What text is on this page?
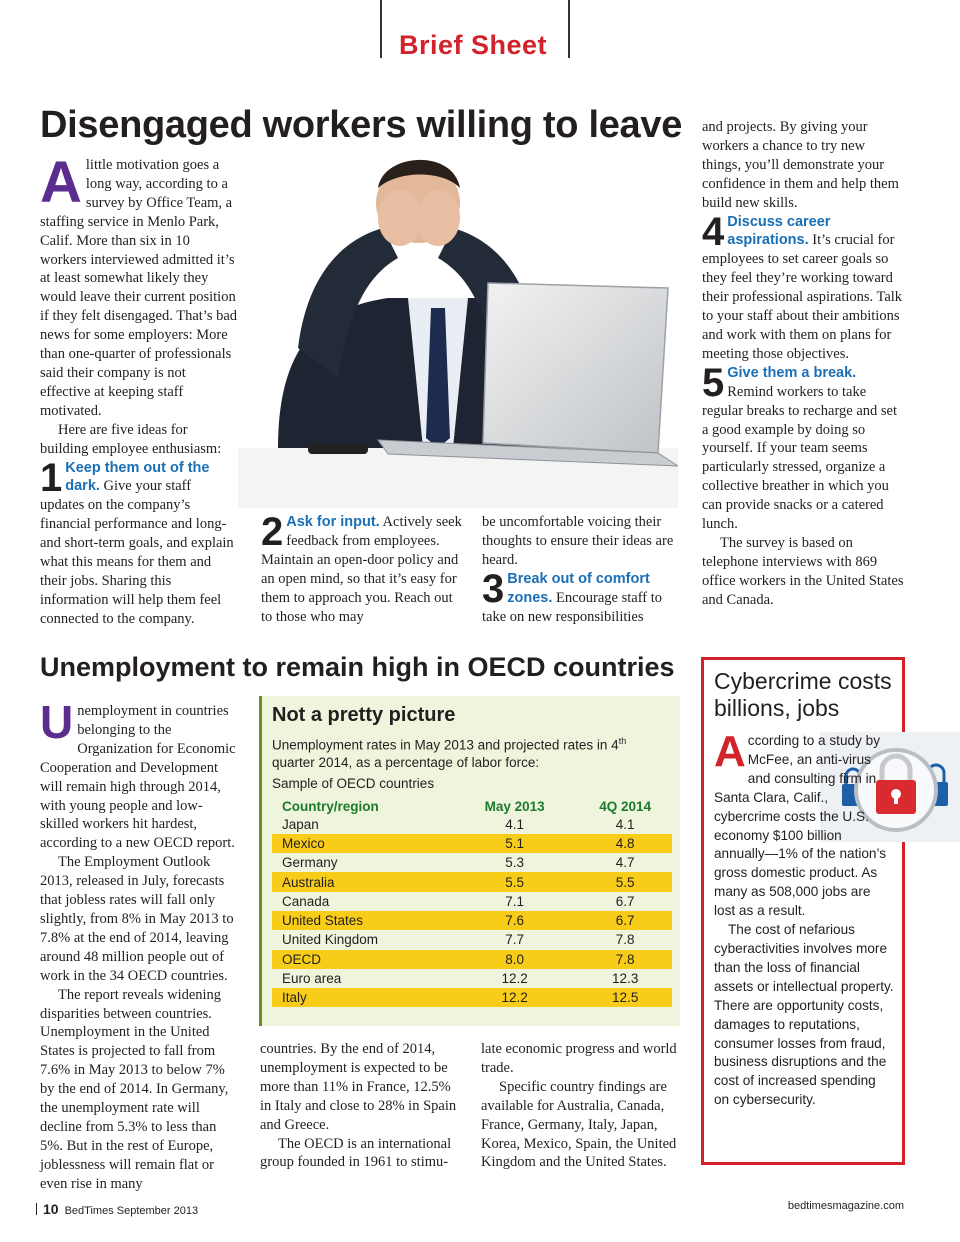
Brief Sheet
Disengaged workers willing to leave

Alittle motivation goes a long way, according to a survey by Office Team, a staffing service in Menlo Park, Calif. More than six in 10 workers interviewed admitted it’s at least somewhat likely they would leave their current position if they felt disengaged. That’s bad news for some employers: More than one-quarter of professionals said their company is not effective at keeping staff motivated.

Here are five ideas for building employee enthusiasm:

1 Keep them out of the dark. Give your staff updates on the company’s financial performance and long- and short-term goals, and explain what this means for them and their jobs. Sharing this information will help them feel connected to the company.

2 Ask for input. Actively seek feedback from employees. Maintain an open-door policy and an open mind, so that it’s easy for them to approach you. Reach out to those who may

be uncomfortable voicing their thoughts to ensure their ideas are heard.

3 Break out of comfort zones. Encourage staff to take on new responsibilities

and projects. By giving your workers a chance to try new things, you’ll demonstrate your confidence in them and help them build new skills.

4 Discuss career aspirations. It’s crucial for employees to set career goals so they feel they’re working toward their professional aspirations. Talk to your staff about their ambitions and work with them on plans for meeting those objectives.

5 Give them a break. Remind workers to take regular breaks to recharge and set a good example by doing so yourself. If your team seems particularly stressed, organize a collective breather in which you can provide snacks or a catered lunch.

The survey is based on telephone interviews with 869 office workers in the United States and Canada.

Unemployment to remain high in OECD countries

Unemployment in countries belonging to the Organization for Economic Cooperation and Development will remain high through 2014, with young people and low-skilled workers hit hardest, according to a new OECD report.

The Employment Outlook 2013, released in July, forecasts that jobless rates will fall only slightly, from 8% in May 2013 to 7.8% at the end of 2014, leaving around 48 million people out of work in the 34 OECD countries.

The report reveals widening disparities between countries. Unemployment in the United States is projected to fall from 7.6% in May 2013 to below 7% by the end of 2014. In Germany, the unemployment rate will decline from 5.3% to less than 5%. But in the rest of Europe, joblessness will remain flat or even rise in many

Not a pretty picture
Unemployment rates in May 2013 and projected rates in 4th quarter 2014, as a percentage of labor force:
Sample of OECD countries
Country/region	May 2013	4Q 2014
Japan	4.1	4.1
Mexico	5.1	4.8
Germany	5.3	4.7
Australia	5.5	5.5
Canada	7.1	6.7
United States	7.6	6.7
United Kingdom	7.7	7.8
OECD	8.0	7.8
Euro area	12.2	12.3
Italy	12.2	12.5

countries. By the end of 2014, unemployment is expected to be more than 11% in France, 12.5% in Italy and close to 28% in Spain and Greece.

The OECD is an international group founded in 1961 to stimu-

late economic progress and world trade.

Specific country findings are available for Australia, Canada, France, Germany, Italy, Japan, Korea, Mexico, Spain, the United Kingdom and the United States.

Cybercrime costs billions, jobs

According to a study by McFee, an anti-virus and consulting firm in Santa Clara, Calif., cybercrime costs the U.S. economy $100 billion annually—1% of the nation’s gross domestic product. As many as 508,000 jobs are lost as a result.

The cost of nefarious cyberactivities involves more than the loss of financial assets or intellectual property. There are opportunity costs, damages to reputations, consumer losses from fraud, business disruptions and the cost of increased spending on cybersecurity.

10 BedTimes September 2013	bedtimesmagazine.com
